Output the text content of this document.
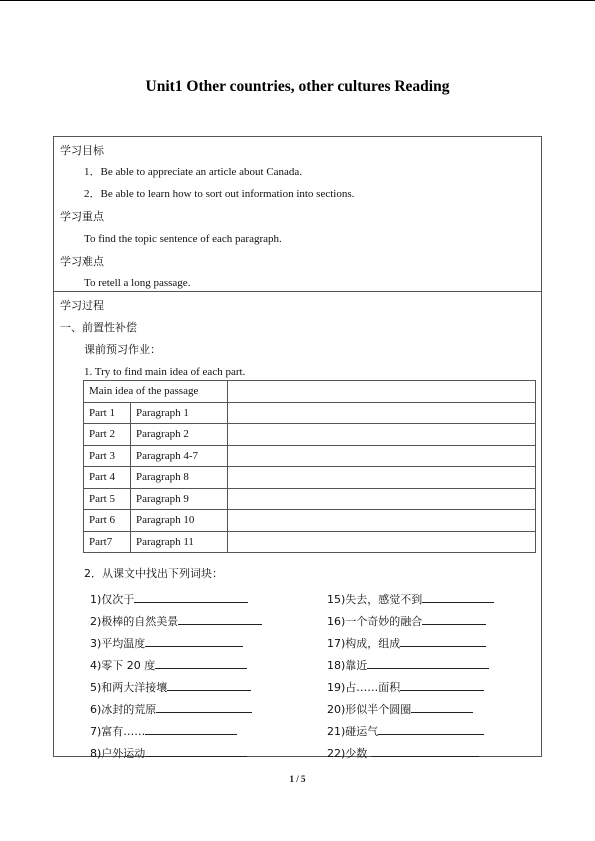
Unit1 Other countries, other cultures Reading
学习目标
1．Be able to appreciate an article about Canada.
2．Be able to learn how to sort out information into sections.
学习重点
To find the topic sentence of each paragraph.
学习难点
To retell a long passage.
学习过程
一、前置性补偿
课前预习作业：
1. Try to find main idea of each part.
Main idea of the passage		
Part 1	Paragraph 1	
Part 2	Paragraph 2	
Part 3	Paragraph 4-7	
Part 4	Paragraph 8	
Part 5	Paragraph 9	
Part 6	Paragraph 10	
Part7	Paragraph 11	
2．从课文中找出下列词块：
1)仅次于
2)极棒的自然美景
3)平均温度
4)零下 20 度
5)和两大洋接壤
6)冰封的荒原
7)富有……
8)户外运动
15)失去，感觉不到
16)一个奇妙的融合
17)构成，组成
18)靠近
19)占……面积
20)形似半个圆圈
21)碰运气
22)少数
1 / 5
